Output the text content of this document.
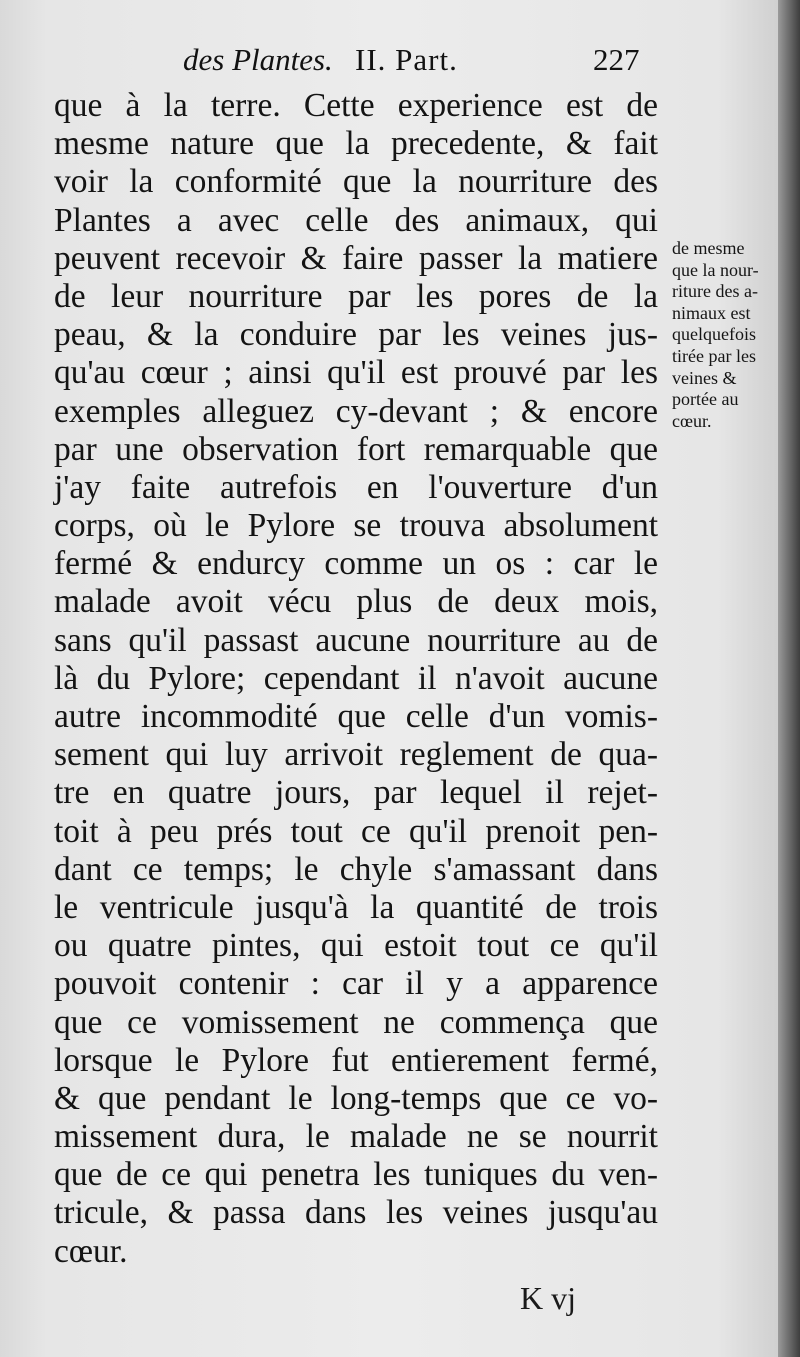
des Plantes. II. Part.	227
que à la terre. Cette experience est de
mesme nature que la precedente, & fait
voir la conformité que la nourriture des
Plantes a avec celle des animaux, qui
peuvent recevoir & faire passer la matiere
de leur nourriture par les pores de la
peau, & la conduire par les veines jus-
qu'au cœur ; ainsi qu'il est prouvé par les
exemples alleguez cy-devant ; & encore
par une observation fort remarquable que
j'ay faite autrefois en l'ouverture d'un
corps, où le Pylore se trouva absolument
fermé & endurcy comme un os : car le
malade avoit vécu plus de deux mois,
sans qu'il passast aucune nourriture au de
là du Pylore; cependant il n'avoit aucune
autre incommodité que celle d'un vomis-
sement qui luy arrivoit reglement de qua-
tre en quatre jours, par lequel il rejet-
toit à peu prés tout ce qu'il prenoit pen-
dant ce temps; le chyle s'amassant dans
le ventricule jusqu'à la quantité de trois
ou quatre pintes, qui estoit tout ce qu'il
pouvoit contenir : car il y a apparence
que ce vomissement ne commença que
lorsque le Pylore fut entierement fermé,
& que pendant le long-temps que ce vo-
missement dura, le malade ne se nourrit
que de ce qui penetra les tuniques du ven-
tricule, & passa dans les veines jusqu'au
cœur.
de mesme
que la nour-
riture des a-
nimaux est
quelquefois
tirée par les
veines &
portée au
cœur.
K vj
